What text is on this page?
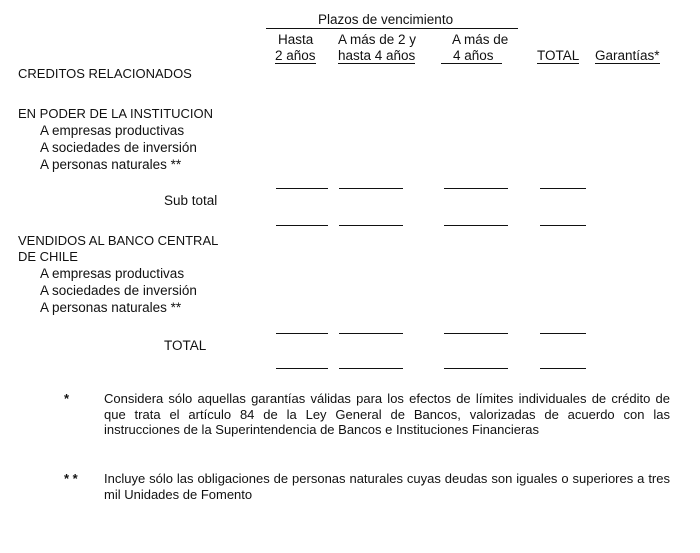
Plazos de vencimiento
Hasta
2 años
A más de 2 y
hasta 4 años
A más de
4 años	TOTAL Garantías*
CREDITOS RELACIONADOS
EN PODER DE LA INSTITUCION
A empresas productivas
A sociedades de inversión
A personas naturales **
Sub total
VENDIDOS AL BANCO CENTRAL
DE CHILE
A empresas productivas
A sociedades de inversión
A personas naturales **
TOTAL
*	Considera sólo aquellas garantías válidas para los efectos de límites individuales de crédito de que trata el artículo 84 de la Ley General de Bancos, valorizadas de acuerdo con las instrucciones de la Superintendencia de Bancos e Instituciones Financieras
* * Incluye sólo las obligaciones de personas naturales cuyas deudas son iguales o superiores a tres mil Unidades de Fomento
